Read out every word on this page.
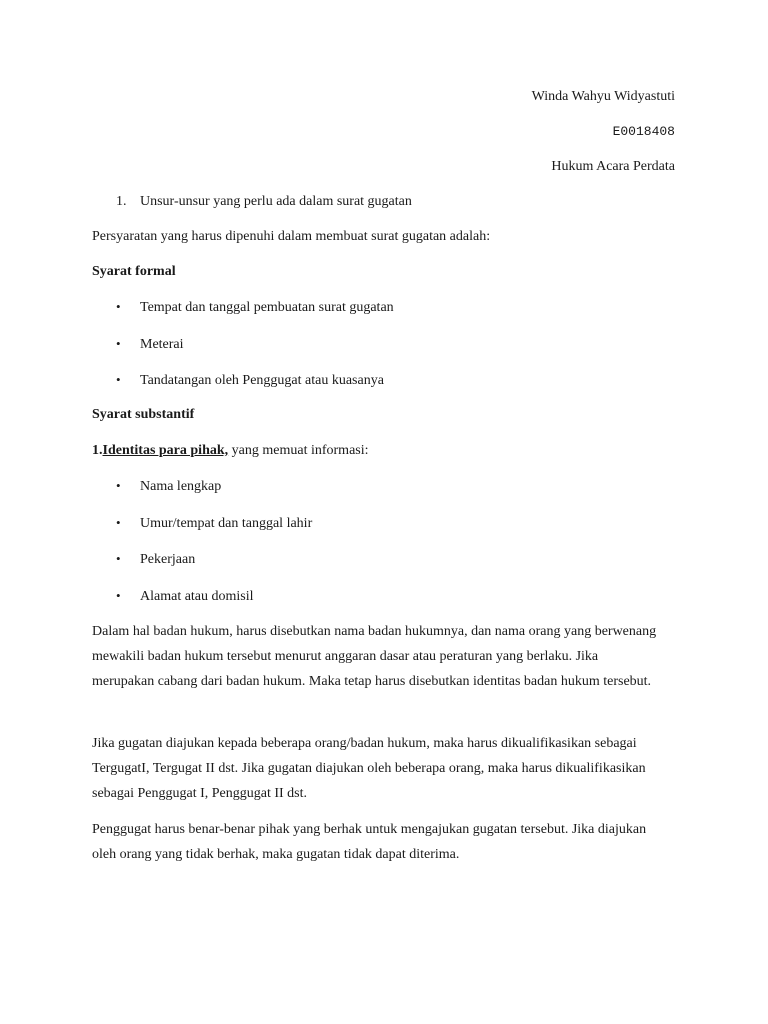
Winda Wahyu Widyastuti
E0018408
Hukum Acara Perdata
1. Unsur-unsur yang perlu ada dalam surat gugatan
Persyaratan yang harus dipenuhi dalam membuat surat gugatan adalah:
Syarat formal
• Tempat dan tanggal pembuatan surat gugatan
• Meterai
• Tandatangan oleh Penggugat atau kuasanya
Syarat substantif
1.Identitas para pihak, yang memuat informasi:
• Nama lengkap
• Umur/tempat dan tanggal lahir
• Pekerjaan
• Alamat atau domisil
Dalam hal badan hukum, harus disebutkan nama badan hukumnya, dan nama orang yang berwenang mewakili badan hukum tersebut menurut anggaran dasar atau peraturan yang berlaku. Jika merupakan cabang dari badan hukum. Maka tetap harus disebutkan identitas badan hukum tersebut.
Jika gugatan diajukan kepada beberapa orang/badan hukum, maka harus dikualifikasikan sebagai TergugatI, Tergugat II dst. Jika gugatan diajukan oleh beberapa orang, maka harus dikualifikasikan sebagai Penggugat I, Penggugat II dst.
Penggugat harus benar-benar pihak yang berhak untuk mengajukan gugatan tersebut. Jika diajukan oleh orang yang tidak berhak, maka gugatan tidak dapat diterima.
